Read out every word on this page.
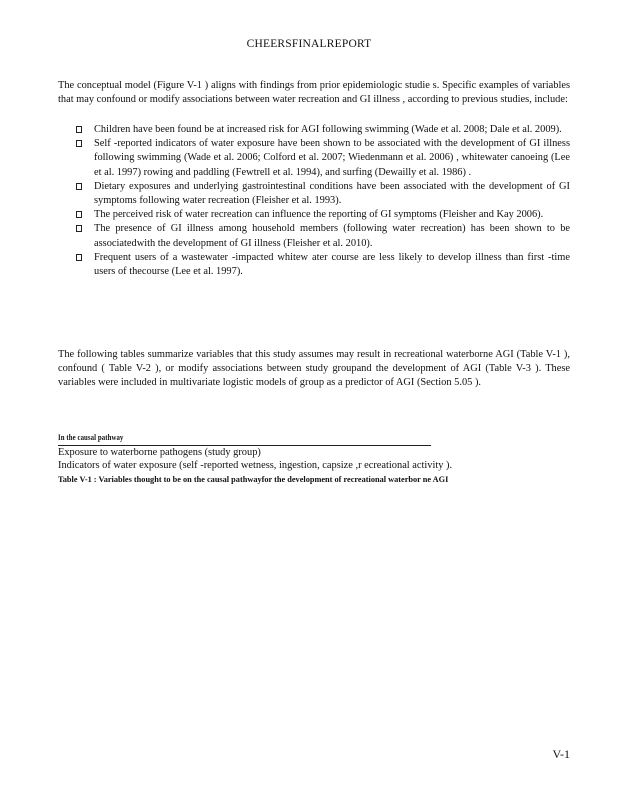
CHEERSFINALREPORT

The conceptual model (Figure V-1 ) aligns with findings from prior epidemiologic studie s. Specific examples of variables that may confound or modify associations between water recreation and GI illness , according to previous studies, include:

Children have been found be at increased risk for AGI following swimming (Wade et al. 2008; Dale et al. 2009).
Self -reported indicators of water exposure have been shown to be associated with the development of GI illness following swimming (Wade et al. 2006; Colford et al. 2007; Wiedenmann et al. 2006) , whitewater canoeing (Lee et al. 1997) rowing and paddling (Fewtrell et al. 1994), and surfing (Dewailly et al. 1986) .
Dietary exposures and underlying gastrointestinal conditions have been associated with the development of GI symptoms following water recreation (Fleisher et al. 1993).
The perceived risk of water recreation can influence the reporting of GI symptoms (Fleisher and Kay 2006).
The presence of GI illness among household members (following water recreation) has been shown to be associatedwith the development of GI illness (Fleisher et al. 2010).
Frequent users of a wastewater -impacted whitew ater course are less likely to develop illness than first -time users of thecourse (Lee et al. 1997).

The following tables summarize variables that this study assumes may result in recreational waterborne AGI (Table V-1 ), confound ( Table V-2 ), or modify associations between study groupand the development of AGI (Table V-3 ). These variables were included in multivariate logistic models of group as a predictor of AGI (Section 5.05 ).

In the causal pathway
Exposure to waterborne pathogens (study group)
Indicators of water exposure (self -reported wetness, ingestion, capsize ,r ecreational activity ).
Table V-1 : Variables thought to be on the causal pathwayfor the development of recreational waterbor ne AGI
V-1
